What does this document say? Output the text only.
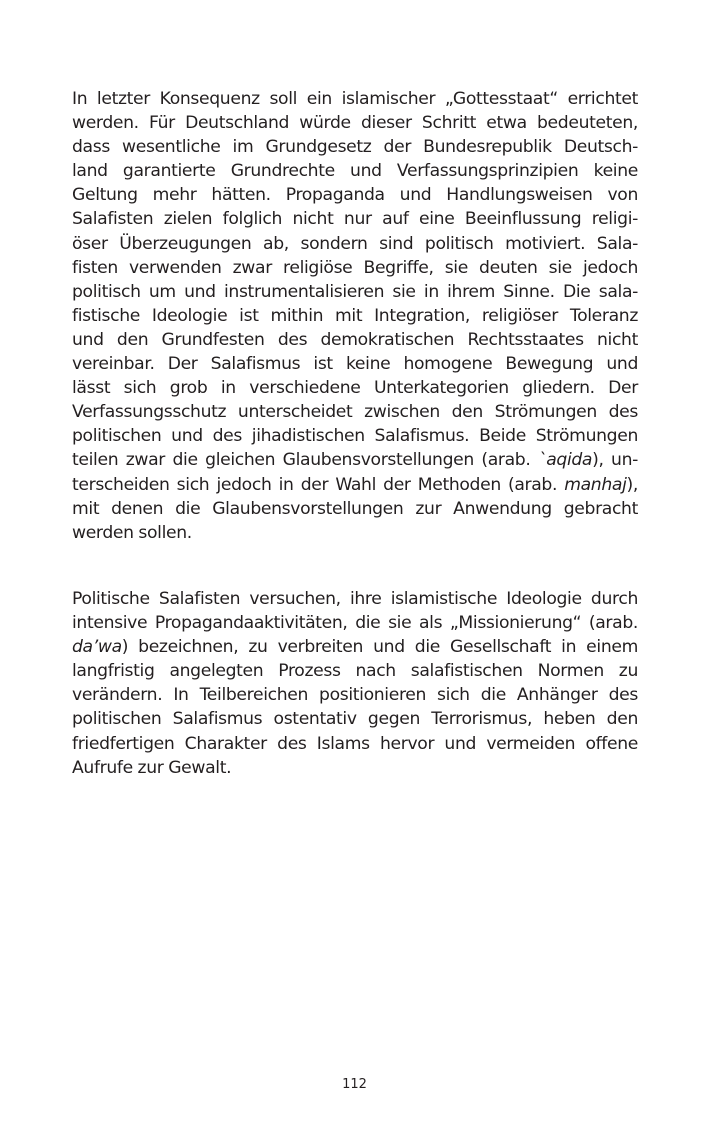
In letzter Konsequenz soll ein islamischer „Gottesstaat“ errichtet
werden. Für Deutschland würde dieser Schritt etwa bedeuteten,
dass wesentliche im Grundgesetz der Bundesrepublik Deutsch-
land garantierte Grundrechte und Verfassungsprinzipien keine
Geltung mehr hätten. Propaganda und Handlungsweisen von
Salafisten zielen folglich nicht nur auf eine Beeinflussung religi-
öser Überzeugungen ab, sondern sind politisch motiviert. Sala-
fisten verwenden zwar religiöse Begriffe, sie deuten sie jedoch
politisch um und instrumentalisieren sie in ihrem Sinne. Die sala-
fistische Ideologie ist mithin mit Integration, religiöser Toleranz
und den Grundfesten des demokratischen Rechtsstaates nicht
vereinbar. Der Salafismus ist keine homogene Bewegung und
lässt sich grob in verschiedene Unterkategorien gliedern. Der
Verfassungsschutz unterscheidet zwischen den Strömungen des
politischen und des jihadistischen Salafismus. Beide Strömungen
teilen zwar die gleichen Glaubensvorstellungen (arab. `aqida), un-
terscheiden sich jedoch in der Wahl der Methoden (arab. manhaj),
mit denen die Glaubensvorstellungen zur Anwendung gebracht
werden sollen.
Politische Salafisten versuchen, ihre islamistische Ideologie durch
intensive Propagandaaktivitäten, die sie als „Missionierung“ (arab.
da’wa) bezeichnen, zu verbreiten und die Gesellschaft in einem
langfristig angelegten Prozess nach salafistischen Normen zu
verändern. In Teilbereichen positionieren sich die Anhänger des
politischen Salafismus ostentativ gegen Terrorismus, heben den
friedfertigen Charakter des Islams hervor und vermeiden offene
Aufrufe zur Gewalt.
112
